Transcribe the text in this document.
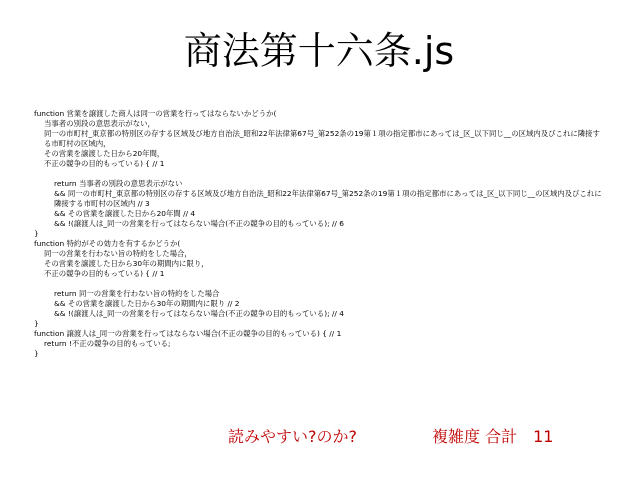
商法第十六条.js
function 営業を譲渡した商人は同一の営業を行ってはならないかどうか(
当事者の別段の意思表示がない，
同一の市町村_東京都の特別区の存する区域及び地方自治法_昭和22年法律第67号_第252条の19第１項の指定都市にあっては_区_以下同じ__の区域内及びこれに隣接する市町村の区域内，
その営業を譲渡した日から20年間，
不正の競争の目的もっている) { // 1
return 当事者の別段の意思表示がない
&& 同一の市町村_東京都の特別区の存する区域及び地方自治法_昭和22年法律第67号_第252条の19第１項の指定都市にあっては_区_以下同じ__の区域内及びこれに隣接する市町村の区域内 // 3
&& その営業を譲渡した日から20年間 // 4
&& !(譲渡人は_同一の営業を行ってはならない場合(不正の競争の目的もっている); // 6
}
function 特約がその効力を有するかどうか(
同一の営業を行わない旨の特約をした場合，
その営業を譲渡した日から30年の期間内に限り，
不正の競争の目的もっている) { // 1
return 同一の営業を行わない旨の特約をした場合
&& その営業を譲渡した日から30年の期間内に限り // 2
&& !(譲渡人は_同一の営業を行ってはならない場合(不正の競争の目的もっている); // 4
}
function 譲渡人は_同一の営業を行ってはならない場合(不正の競争の目的もっている) { // 1
return !不正の競争の目的もっている;
}
読みやすい?のか?	複雑度 合計　11
